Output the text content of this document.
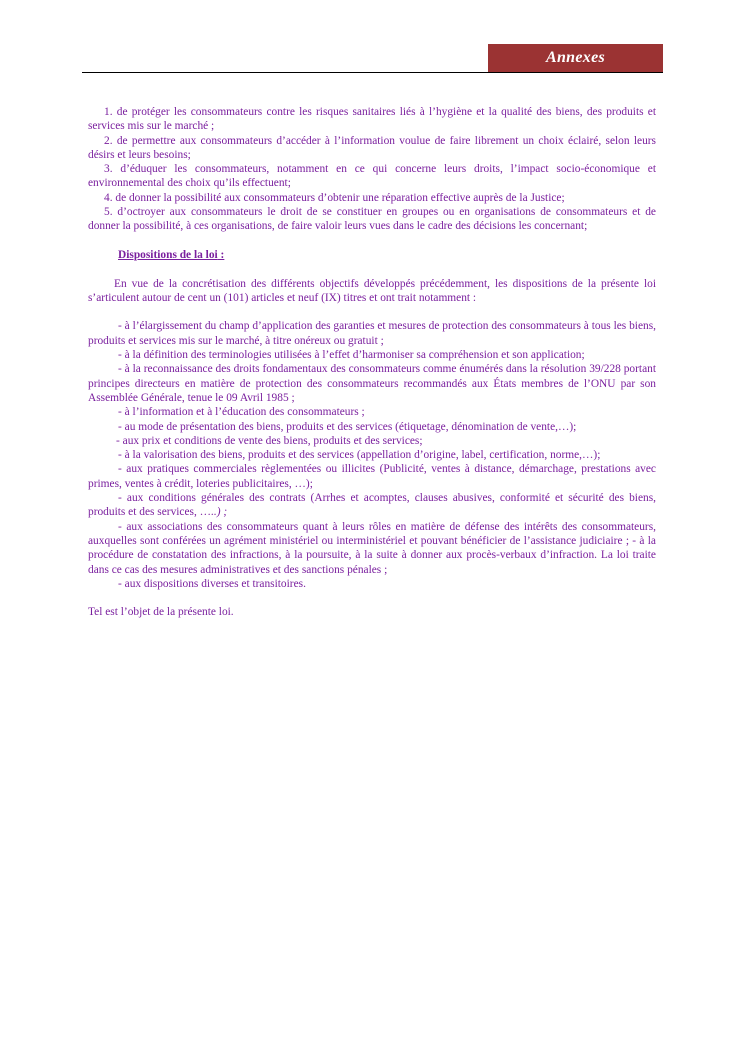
Annexes

1. de protéger les consommateurs contre les risques sanitaires liés à l’hygiène et la qualité des biens, des produits et services mis sur le marché ;

2. de permettre aux consommateurs d’accéder à l’information voulue de faire librement un choix éclairé, selon leurs désirs et leurs besoins;

3. d’éduquer les consommateurs, notamment en ce qui concerne leurs droits, l’impact socio-économique et environnemental des choix qu’ils effectuent;

4. de donner la possibilité aux consommateurs d’obtenir une réparation effective auprès de la Justice;

5. d’octroyer aux consommateurs le droit de se constituer en groupes ou en organisations de consommateurs et de donner la possibilité, à ces organisations, de faire valoir leurs vues dans le cadre des décisions les concernant;

Dispositions de la loi :

En vue de la concrétisation des différents objectifs développés précédemment, les dispositions de la présente loi s’articulent autour de cent un (101) articles et neuf (IX) titres et ont trait notamment :

- à l’élargissement du champ d’application des garanties et mesures de protection des consommateurs à tous les biens, produits et services mis sur le marché, à titre onéreux ou gratuit ;

- à la définition des terminologies utilisées à l’effet d’harmoniser sa compréhension et son application;

- à la reconnaissance des droits fondamentaux des consommateurs comme énumérés dans la résolution 39/228 portant principes directeurs en matière de protection des consommateurs recommandés aux États membres de l’ONU par son Assemblée Générale, tenue le 09 Avril 1985 ;

- à l’information et à l’éducation des consommateurs ;

- au mode de présentation des biens, produits et des services (étiquetage, dénomination de vente,…);

- aux prix et conditions de vente des biens, produits et des services;

- à la valorisation des biens, produits et des services (appellation d’origine, label, certification, norme,…);

- aux pratiques commerciales règlementées ou illicites (Publicité, ventes à distance, démarchage, prestations avec primes, ventes à crédit, loteries publicitaires, …);

- aux conditions générales des contrats (Arrhes et acomptes, clauses abusives, conformité et sécurité des biens, produits et des services, …..) ;

- aux associations des consommateurs quant à leurs rôles en matière de défense des intérêts des consommateurs, auxquelles sont conférées un agrément ministériel ou interministériel et pouvant bénéficier de l’assistance judiciaire ; - à la procédure de constatation des infractions, à la poursuite, à la suite à donner aux procès-verbaux d’infraction. La loi traite dans ce cas des mesures administratives et des sanctions pénales ;

- aux dispositions diverses et transitoires.

Tel est l’objet de la présente loi.
